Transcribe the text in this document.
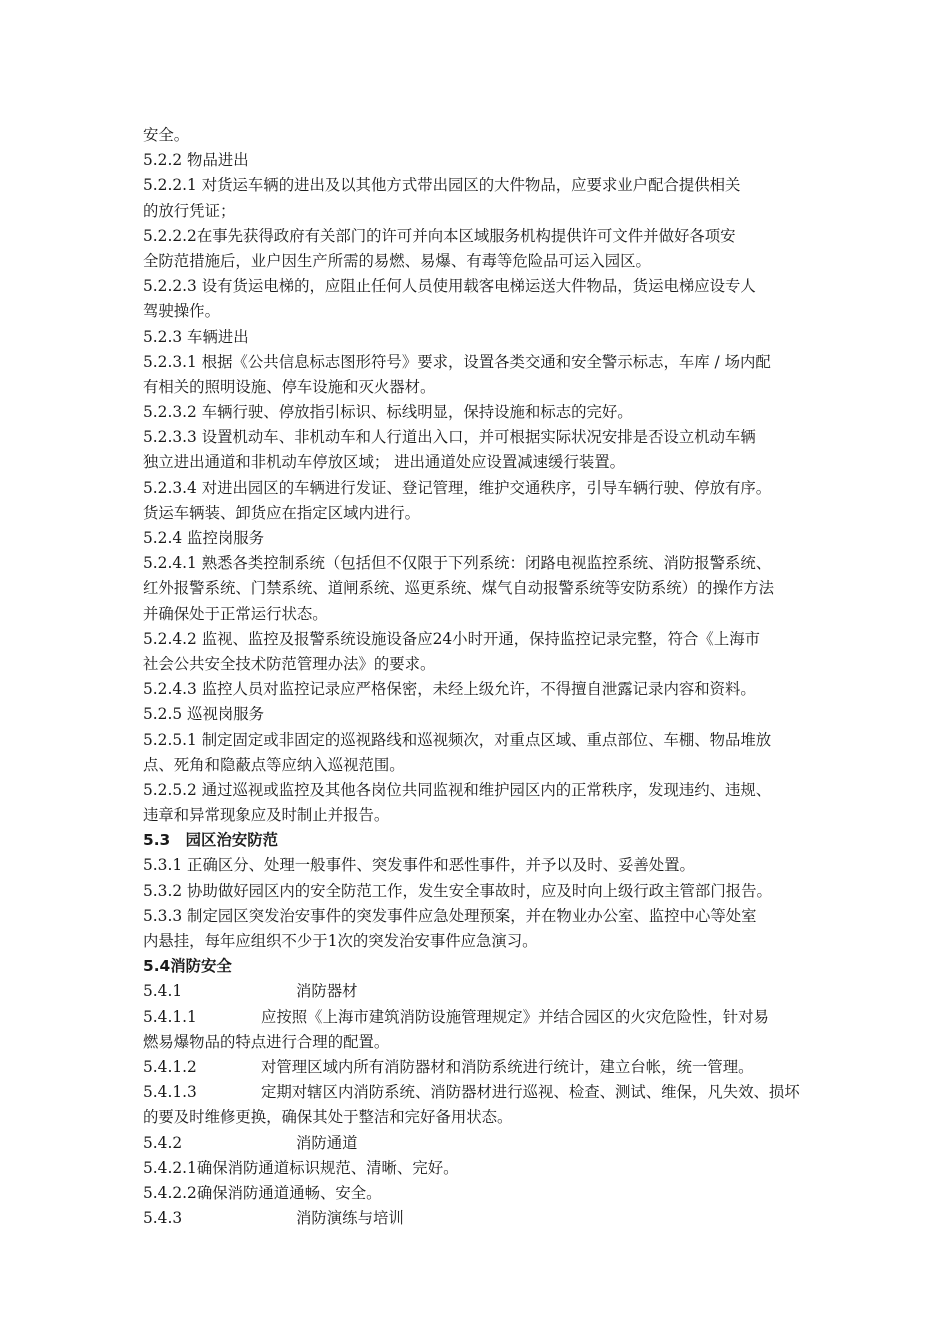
安全。
5.2.2 物品进出
5.2.2.1 对货运车辆的进出及以其他方式带出园区的大件物品，应要求业户配合提供相关
的放行凭证；
5.2.2.2在事先获得政府有关部门的许可并向本区域服务机构提供许可文件并做好各项安
全防范措施后，业户因生产所需的易燃、易爆、有毒等危险品可运入园区。
5.2.2.3 设有货运电梯的，应阻止任何人员使用载客电梯运送大件物品，货运电梯应设专人
驾驶操作。
5.2.3 车辆进出
5.2.3.1 根据《公共信息标志图形符号》要求，设置各类交通和安全警示标志，车库 / 场内配
有相关的照明设施、停车设施和灭火器材。
5.2.3.2 车辆行驶、停放指引标识、标线明显，保持设施和标志的完好。
5.2.3.3 设置机动车、非机动车和人行道出入口，并可根据实际状况安排是否设立机动车辆
独立进出通道和非机动车停放区域； 进出通道处应设置减速缓行装置。
5.2.3.4 对进出园区的车辆进行发证、登记管理，维护交通秩序，引导车辆行驶、停放有序。
货运车辆装、卸货应在指定区域内进行。
5.2.4 监控岗服务
5.2.4.1 熟悉各类控制系统（包括但不仅限于下列系统：闭路电视监控系统、消防报警系统、
红外报警系统、门禁系统、道闸系统、巡更系统、煤气自动报警系统等安防系统）的操作方法
并确保处于正常运行状态。
5.2.4.2 监视、监控及报警系统设施设备应24小时开通，保持监控记录完整，符合《上海市
社会公共安全技术防范管理办法》的要求。
5.2.4.3 监控人员对监控记录应严格保密，未经上级允许，不得擅自泄露记录内容和资料。
5.2.5 巡视岗服务
5.2.5.1 制定固定或非固定的巡视路线和巡视频次，对重点区域、重点部位、车棚、物品堆放
点、死角和隐蔽点等应纳入巡视范围。
5.2.5.2 通过巡视或监控及其他各岗位共同监视和维护园区内的正常秩序，发现违约、违规、
违章和异常现象应及时制止并报告。
5.3　园区治安防范
5.3.1 正确区分、处理一般事件、突发事件和恶性事件，并予以及时、妥善处置。
5.3.2 协助做好园区内的安全防范工作，发生安全事故时，应及时向上级行政主管部门报告。
5.3.3 制定园区突发治安事件的突发事件应急处理预案，并在物业办公室、监控中心等处室
内悬挂，每年应组织不少于1次的突发治安事件应急演习。
5.4消防安全
5.4.1	消防器材
5.4.1.1	应按照《上海市建筑消防设施管理规定》并结合园区的火灾危险性，针对易
燃易爆物品的特点进行合理的配置。
5.4.1.2	对管理区域内所有消防器材和消防系统进行统计，建立台帐，统一管理。
5.4.1.3	定期对辖区内消防系统、消防器材进行巡视、检查、测试、维保，凡失效、损坏
的要及时维修更换，确保其处于整洁和完好备用状态。
5.4.2	消防通道
5.4.2.1确保消防通道标识规范、清晰、完好。
5.4.2.2确保消防通道通畅、安全。
5.4.3	消防演练与培训
